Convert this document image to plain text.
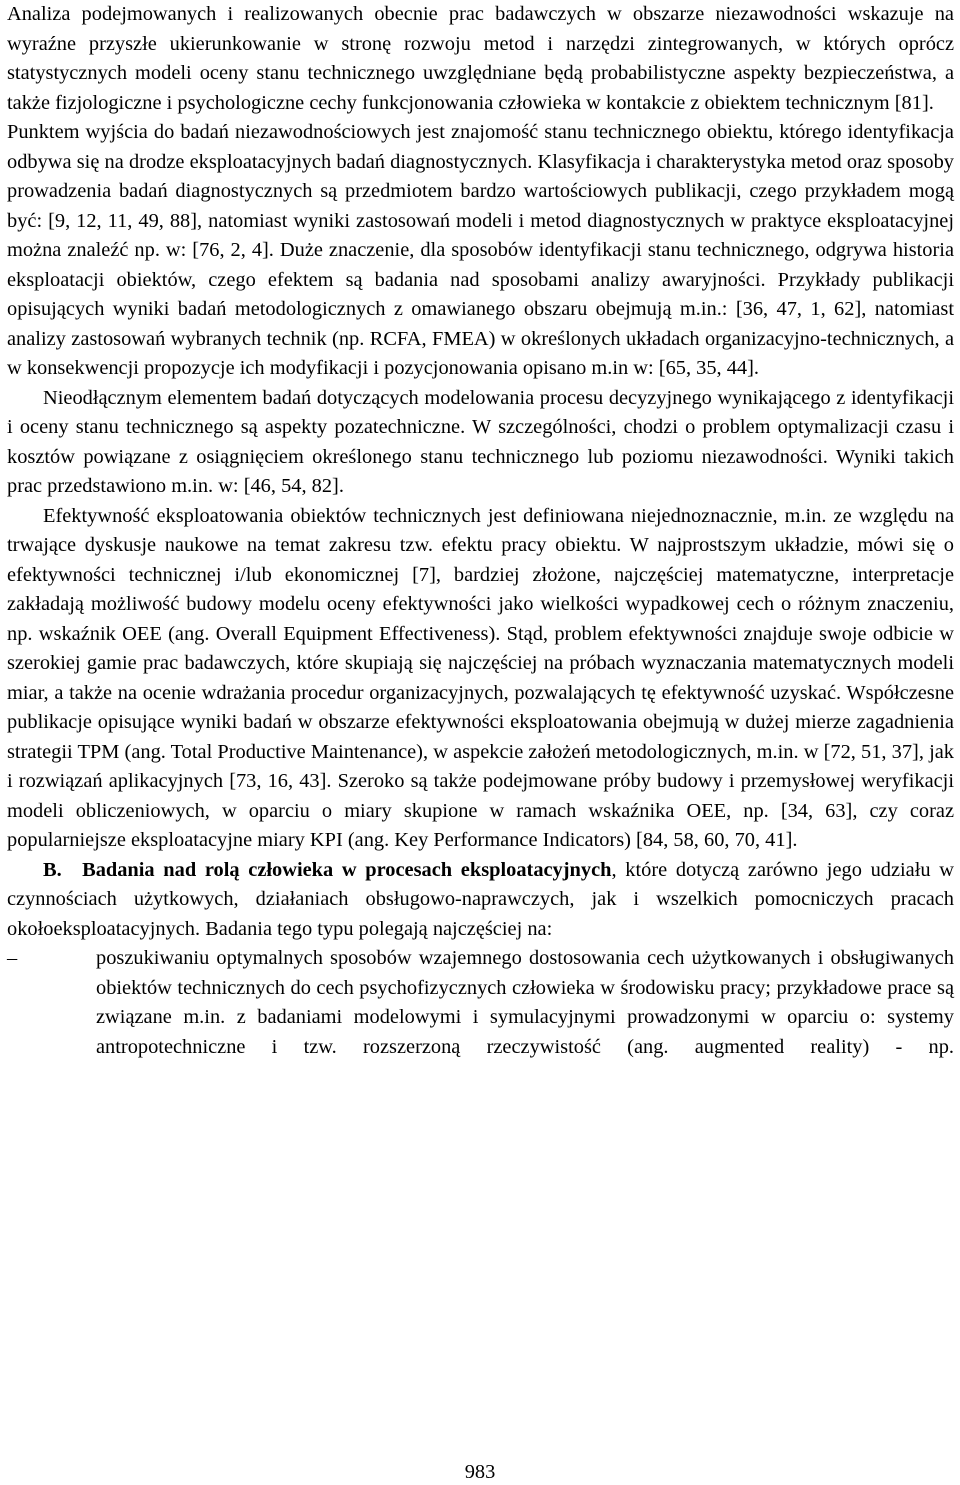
Analiza podejmowanych i realizowanych obecnie prac badawczych w obszarze niezawodności wskazuje na wyraźne przyszłe ukierunkowanie w stronę rozwoju metod i narzędzi zintegrowanych, w których oprócz statystycznych modeli oceny stanu technicznego uwzględniane będą probabilistyczne aspekty bezpieczeństwa, a także fizjologiczne i psychologiczne cechy funkcjonowania człowieka w kontakcie z obiektem technicznym [81].

Punktem wyjścia do badań niezawodnościowych jest znajomość stanu technicznego obiektu, którego identyfikacja odbywa się na drodze eksploatacyjnych badań diagnostycznych. Klasyfikacja i charakterystyka metod oraz sposoby prowadzenia badań diagnostycznych są przedmiotem bardzo wartościowych publikacji, czego przykładem mogą być: [9, 12, 11, 49, 88], natomiast wyniki zastosowań modeli i metod diagnostycznych w praktyce eksploatacyjnej można znaleźć np. w: [76, 2, 4]. Duże znaczenie, dla sposobów identyfikacji stanu technicznego, odgrywa historia eksploatacji obiektów, czego efektem są badania nad sposobami analizy awaryjności. Przykłady publikacji opisujących wyniki badań metodologicznych z omawianego obszaru obejmują m.in.: [36, 47, 1, 62], natomiast analizy zastosowań wybranych technik (np. RCFA, FMEA) w określonych układach organizacyjno-technicznych, a w konsekwencji propozycje ich modyfikacji i pozycjonowania opisano m.in w: [65, 35, 44].

Nieodłącznym elementem badań dotyczących modelowania procesu decyzyjnego wynikającego z identyfikacji i oceny stanu technicznego są aspekty pozatechniczne. W szczególności, chodzi o problem optymalizacji czasu i kosztów powiązane z osiągnięciem określonego stanu technicznego lub poziomu niezawodności. Wyniki takich prac przedstawiono m.in. w: [46, 54, 82].

Efektywność eksploatowania obiektów technicznych jest definiowana niejednoznacznie, m.in. ze względu na trwające dyskusje naukowe na temat zakresu tzw. efektu pracy obiektu. W najprostszym układzie, mówi się o efektywności technicznej i/lub ekonomicznej [7], bardziej złożone, najczęściej matematyczne, interpretacje zakładają możliwość budowy modelu oceny efektywności jako wielkości wypadkowej cech o różnym znaczeniu, np. wskaźnik OEE (ang. Overall Equipment Effectiveness). Stąd, problem efektywności znajduje swoje odbicie w szerokiej gamie prac badawczych, które skupiają się najczęściej na próbach wyznaczania matematycznych modeli miar, a także na ocenie wdrażania procedur organizacyjnych, pozwalających tę efektywność uzyskać. Współczesne publikacje opisujące wyniki badań w obszarze efektywności eksploatowania obejmują w dużej mierze zagadnienia strategii TPM (ang. Total Productive Maintenance), w aspekcie założeń metodologicznych, m.in. w [72, 51, 37], jak i rozwiązań aplikacyjnych [73, 16, 43]. Szeroko są także podejmowane próby budowy i przemysłowej weryfikacji modeli obliczeniowych, w oparciu o miary skupione w ramach wskaźnika OEE, np. [34, 63], czy coraz popularniejsze eksploatacyjne miary KPI (ang. Key Performance Indicators) [84, 58, 60, 70, 41].

B.   Badania nad rolą człowieka w procesach eksploatacyjnych, które dotyczą zarówno jego udziału w czynnościach użytkowych, działaniach obsługowo-naprawczych, jak i wszelkich pomocniczych pracach okołoeksploatacyjnych. Badania tego typu polegają najczęściej na:

–	poszukiwaniu optymalnych sposobów wzajemnego dostosowania cech użytkowanych i obsługiwanych obiektów technicznych do cech psychofizycznych człowieka w środowisku pracy; przykładowe prace są związane m.in. z badaniami modelowymi i symulacyjnymi prowadzonymi w oparciu o: systemy antropotechniczne i tzw. rozszerzoną rzeczywistość (ang. augmented reality) - np.
983
